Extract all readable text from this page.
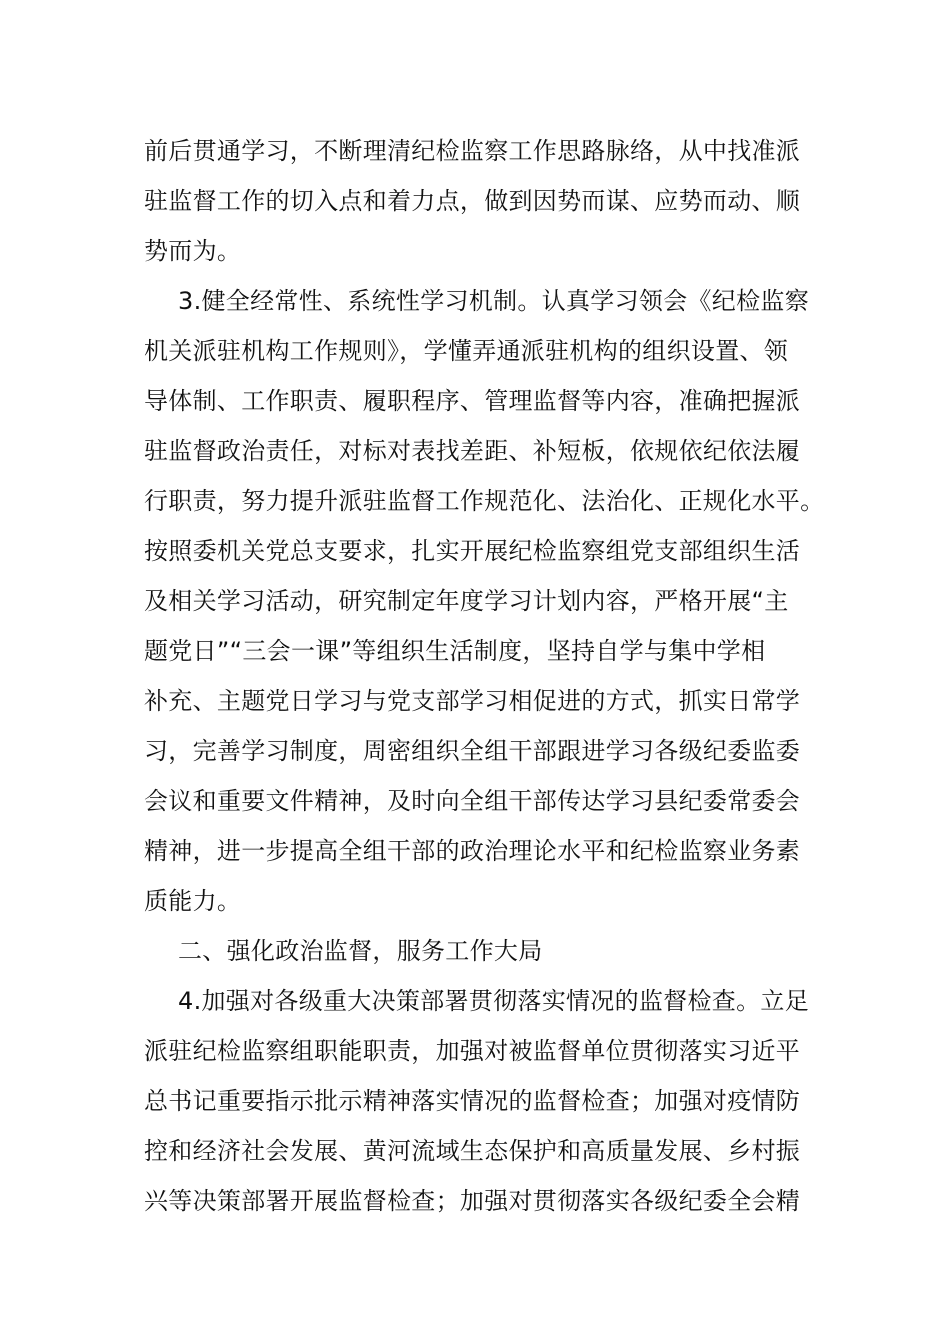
前后贯通学习，不断理清纪检监察工作思路脉络，从中找准派
驻监督工作的切入点和着力点，做到因势而谋、应势而动、顺
势而为。
3.健全经常性、系统性学习机制。认真学习领会《纪检监察
机关派驻机构工作规则》，学懂弄通派驻机构的组织设置、领
导体制、工作职责、履职程序、管理监督等内容，准确把握派
驻监督政治责任，对标对表找差距、补短板，依规依纪依法履
行职责，努力提升派驻监督工作规范化、法治化、正规化水平。
按照委机关党总支要求，扎实开展纪检监察组党支部组织生活
及相关学习活动，研究制定年度学习计划内容，严格开展“主
题党日”“三会一课”等组织生活制度，坚持自学与集中学相
补充、主题党日学习与党支部学习相促进的方式，抓实日常学
习，完善学习制度，周密组织全组干部跟进学习各级纪委监委
会议和重要文件精神，及时向全组干部传达学习县纪委常委会
精神，进一步提高全组干部的政治理论水平和纪检监察业务素
质能力。
二、强化政治监督，服务工作大局
4.加强对各级重大决策部署贯彻落实情况的监督检查。立足
派驻纪检监察组职能职责，加强对被监督单位贯彻落实习近平
总书记重要指示批示精神落实情况的监督检查；加强对疫情防
控和经济社会发展、黄河流域生态保护和高质量发展、乡村振
兴等决策部署开展监督检查；加强对贯彻落实各级纪委全会精
